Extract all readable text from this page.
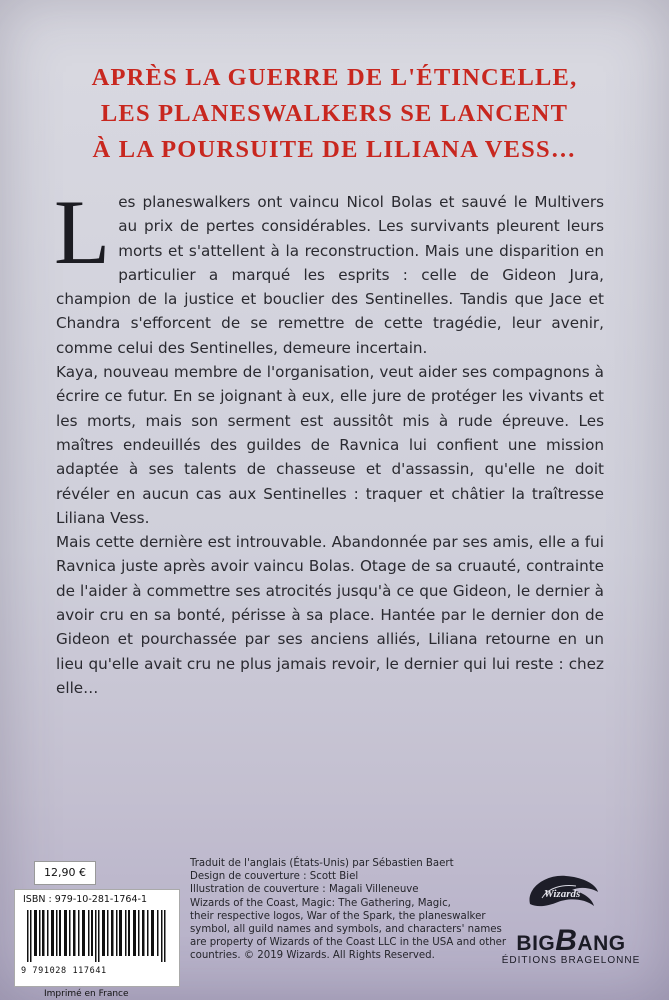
APRÈS LA GUERRE DE L'ÉTINCELLE,
LES PLANESWALKERS SE LANCENT
À LA POURSUITE DE LILIANA VESS…

Les planeswalkers ont vaincu Nicol Bolas et sauvé le Multivers au prix de pertes considérables. Les survivants pleurent leurs morts et s'attellent à la reconstruction. Mais une disparition en particulier a marqué les esprits : celle de Gideon Jura, champion de la justice et bouclier des Sentinelles. Tandis que Jace et Chandra s'efforcent de se remettre de cette tragédie, leur avenir, comme celui des Sentinelles, demeure incertain.

Kaya, nouveau membre de l'organisation, veut aider ses compagnons à écrire ce futur. En se joignant à eux, elle jure de protéger les vivants et les morts, mais son serment est aussitôt mis à rude épreuve. Les maîtres endeuillés des guildes de Ravnica lui confient une mission adaptée à ses talents de chasseuse et d'assassin, qu'elle ne doit révéler en aucun cas aux Sentinelles : traquer et châtier la traîtresse Liliana Vess.

Mais cette dernière est introuvable. Abandonnée par ses amis, elle a fui Ravnica juste après avoir vaincu Bolas. Otage de sa cruauté, contrainte de l'aider à commettre ses atrocités jusqu'à ce que Gideon, le dernier à avoir cru en sa bonté, périsse à sa place. Hantée par le dernier don de Gideon et pourchassée par ses anciens alliés, Liliana retourne en un lieu qu'elle avait cru ne plus jamais revoir, le dernier qui lui reste : chez elle…

12,90 €
ISBN : 979-10-281-1764-1
9 791028 117641
Imprimé en France
Traduit de l'anglais (États-Unis) par Sébastien Baert
Design de couverture : Scott Biel
Illustration de couverture : Magali Villeneuve
Wizards of the Coast, Magic: The Gathering, Magic,
their respective logos, War of the Spark, the planeswalker
symbol, all guild names and symbols, and characters' names
are property of Wizards of the Coast LLC in the USA and other
countries. © 2019 Wizards. All Rights Reserved.
Wizards
BIGBANG
ÉDITIONS BRAGELONNE
